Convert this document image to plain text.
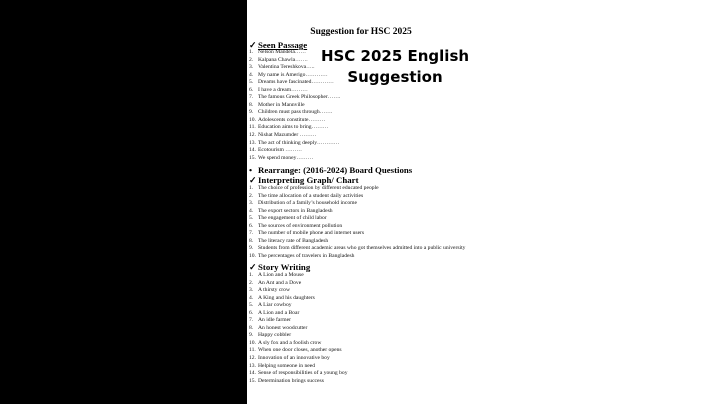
Suggestion for HSC 2025
✓ Seen Passage
1. Nelson Mandela……
2. Kalpana Chawla…….
3. Valentina Tereshkova…..
4. My name is Amerigo…………
5. Dreams have fascinated…………
6. I have a dream………
7. The famous Greek Philosopher…….
8. Mother in Mannville
9. Children must pass through…….
10. Adolescents constitute………
11. Education aims to bring………
12. Nishat Mazumder ………
13. The act of thinking deeply…………
14. Ecotourism ………
15. We spend money………
• Rearrange: (2016-2024) Board Questions
✓ Interpreting Graph/ Chart
1. The choice of profession by different educated people
2. The time allocation of a student daily activities
3. Distribution of a family’s household income
4. The export sectors in Bangladesh
5. The engagement of child labor
6. The sources of environment pollution
7. The number of mobile phone and internet users
8. The literacy rate of Bangladesh
9. Students from different academic areas who got themselves admitted into a public university
10. The percentages of travelers in Bangladesh
✓ Story Writing
1. A Lion and a Mouse
2. An Ant and a Dove
3. A thirsty crow
4. A King and his daughters
5. A Liar cowboy
6. A Lion and a Boar
7. An idle farmer
8. An honest woodcutter
9. Happy cobbler
10. A sly fox and a foolish crow
11. When one door closes, another opens
12. Innovation of an innovative boy
13. Helping someone in need
14. Sense of responsibilities of a young boy
15. Determination brings success
HSC 2025 English
Suggestion
